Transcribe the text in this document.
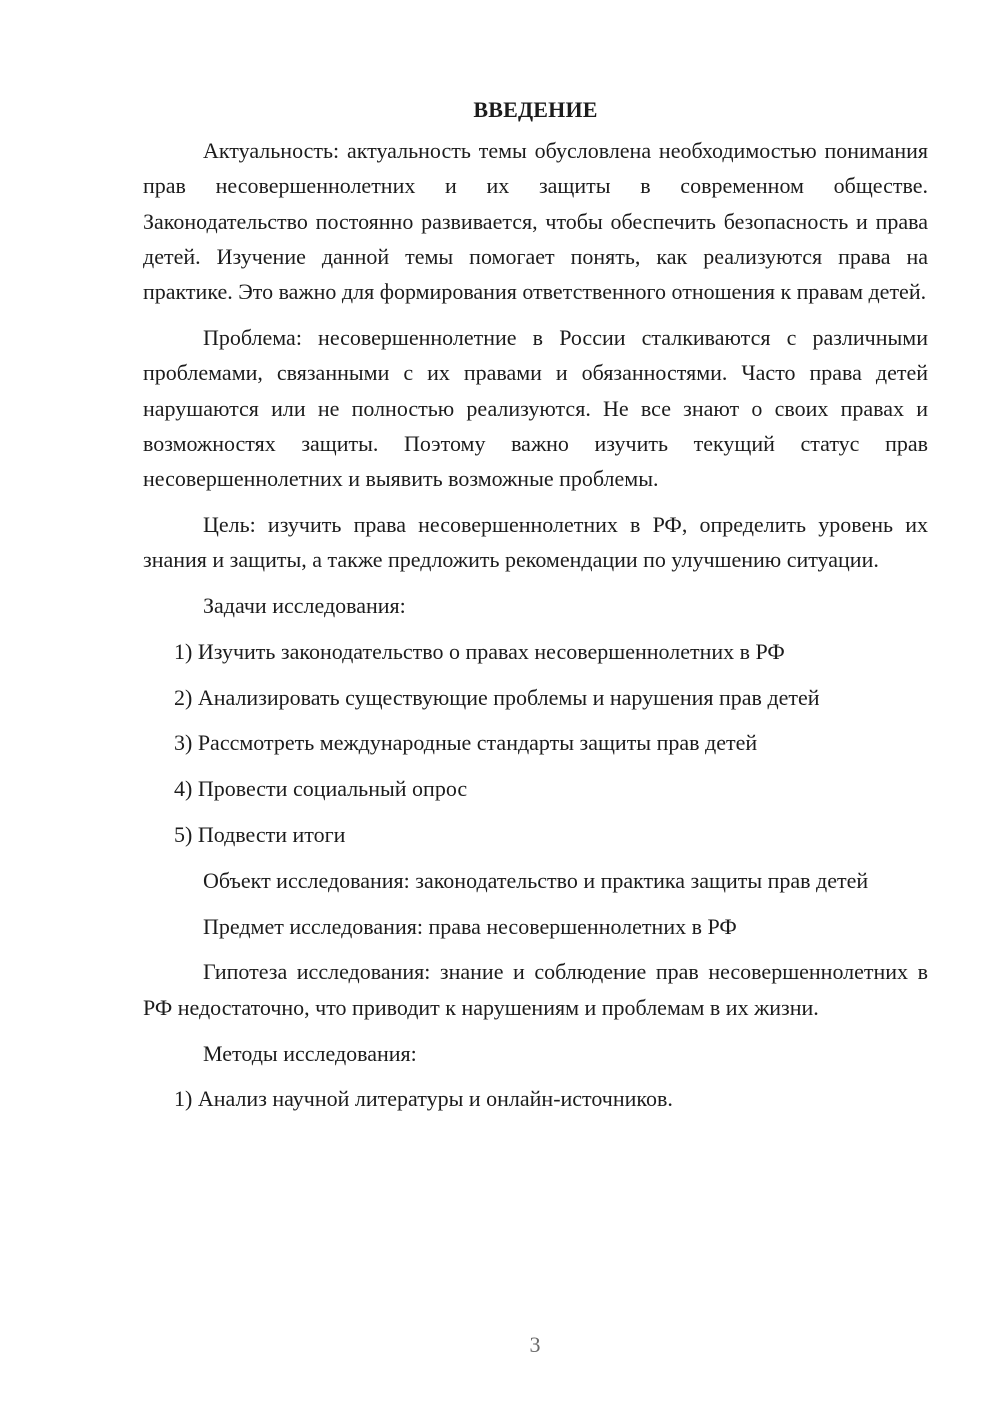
ВВЕДЕНИЕ

Актуальность: актуальность темы обусловлена необходимостью понимания прав несовершеннолетних и их защиты в современном обществе. Законодательство постоянно развивается, чтобы обеспечить безопасность и права детей. Изучение данной темы помогает понять, как реализуются права на практике. Это важно для формирования ответственного отношения к правам детей.

Проблема: несовершеннолетние в России сталкиваются с различными проблемами, связанными с их правами и обязанностями. Часто права детей нарушаются или не полностью реализуются. Не все знают о своих правах и возможностях защиты. Поэтому важно изучить текущий статус прав несовершеннолетних и выявить возможные проблемы.

Цель: изучить права несовершеннолетних в РФ, определить уровень их знания и защиты, а также предложить рекомендации по улучшению ситуации.

Задачи исследования:

1) Изучить законодательство о правах несовершеннолетних в РФ

2) Анализировать существующие проблемы и нарушения прав детей

3) Рассмотреть международные стандарты защиты прав детей

4) Провести социальный опрос

5) Подвести итоги

Объект исследования: законодательство и практика защиты прав детей

Предмет исследования: права несовершеннолетних в РФ

Гипотеза исследования: знание и соблюдение прав несовершеннолетних в РФ недостаточно, что приводит к нарушениям и проблемам в их жизни.

Методы исследования:

1) Анализ научной литературы и онлайн-источников.

3
